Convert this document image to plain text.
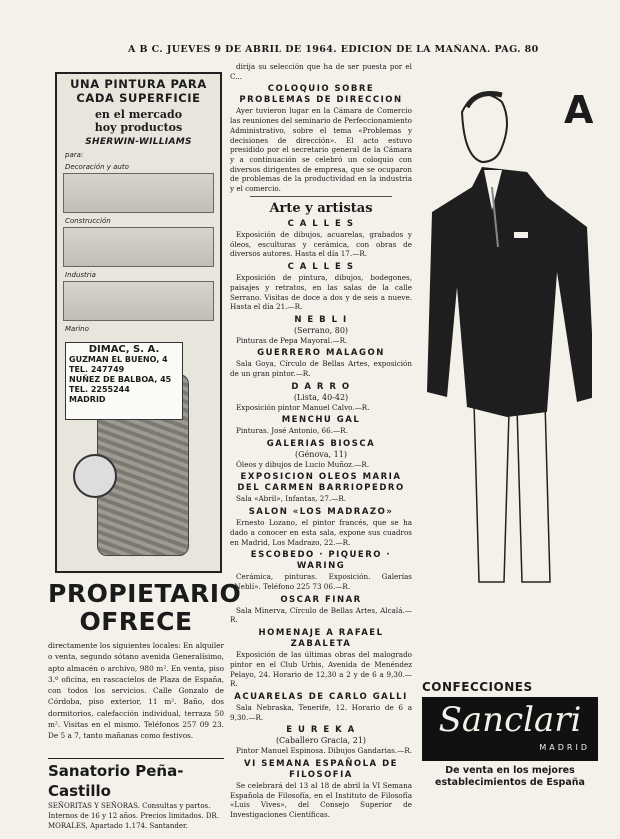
A B C. JUEVES 9 DE ABRIL DE 1964. EDICION DE LA MAÑANA. PAG. 80
UNA PINTURA PARA
CADA SUPERFICIE
en el mercado
hoy productos
SHERWIN-WILLIAMS
para:
Decoración y auto
Construcción
Industria
Marino
DIMAC, S. A.
GUZMAN EL BUENO, 4
TEL. 247749
NUÑEZ DE BALBOA, 45
TEL. 2255244
MADRID
PROPIETARIO
OFRECE

directamente los siguientes locales: En alquiler o venta, segundo sótano avenida Generalísimo, apto almacén o archivo, 980 m². En venta, piso 3.º oficina, en rascacielos de Plaza de España, con todos los servicios. Calle Gonzalo de Córdoba, piso exterior, 11 m². Baño, dos dormitorios, calefacción individual, terraza 50 m². Visitas en el mismo. Teléfonos 257 09 23. De 5 a 7, tanto mañanas como festivos.

Sanatorio Peña-Castillo
SEÑORITAS Y SEÑORAS. Consultas y partos. Internos de 16 y 12 años. Precios limitados. DR. MORALES, Apartado 1.174. Santander.

dirija su selección que ha de ser puesta por el C...

COLOQUIO SOBRE PROBLEMAS DE DIRECCION

Ayer tuvieron lugar en la Cámara de Comercio las reuniones del seminario de Perfeccionamiento Administrativo, sobre el tema «Problemas y decisiones de dirección». El acto estuvo presidido por el secretario general de la Cámara y a continuación se celebró un coloquio con diversos dirigentes de empresa, que se ocuparon de problemas de la productividad en la industria y el comercio.

Arte y artistas
C A L L E S

Exposición de dibujos, acuarelas, grabados y óleos, esculturas y cerámica, con obras de diversos autores. Hasta el día 17.—R.

C A L L E S

Exposición de pintura, dibujos, bodegones, paisajes y retratos, en las salas de la calle Serrano. Visitas de doce a dos y de seis a nueve. Hasta el día 21.—R.

N E B L I
(Serrano, 80)

Pinturas de Pepa Mayoral.—R.

GUERRERO MALAGON

Sala Goya, Círculo de Bellas Artes, exposición de un gran pintor.—R.

D A R R O
(Lista, 40-42)

Exposición pintor Manuel Calvo.—R.

MENCHU GAL

Pinturas. José Antonio, 66.—R.

GALERIAS BIOSCA
(Génova, 11)

Óleos y dibujos de Lucio Muñoz.—R.

EXPOSICION OLEOS MARIA DEL CARMEN BARRIOPEDRO

Sala «Abril», Infantas, 27.—R.

SALON «LOS MADRAZO»

Ernesto Lozano, el pintor francés, que se ha dado a conocer en esta sala, expone sus cuadros en Madrid, Los Madrazo, 22.—R.

ESCOBEDO · PIQUERO · WARING

Cerámica, pinturas. Exposición. Galerías «Neblí». Teléfono 225 73 06.—R.

OSCAR FINAR

Sala Minerva, Círculo de Bellas Artes, Alcalá.—R.

HOMENAJE A RAFAEL ZABALETA

Exposición de las últimas obras del malogrado pintor en el Club Urbis, Avenida de Menéndez Pelayo, 24. Horario de 12,30 a 2 y de 6 a 9,30.—R.

ACUARELAS DE CARLO GALLI

Sala Nebraska, Tenerife, 12. Horario de 6 a 9,30.—R.

E U R E K A
(Caballero Gracia, 21)

Pintor Manuel Espinosa. Dibujos Gandarias.—R.

VI SEMANA ESPAÑOLA DE FILOSOFIA

Se celebrará del 13 al 18 de abril la VI Semana Española de Filosofía, en el Instituto de Filosofía «Luis Vives», del Consejo Superior de Investigaciones Científicas.

A
CONFECCIONES
Sanclari
MADRID
De venta en los mejores
establecimientos de España
